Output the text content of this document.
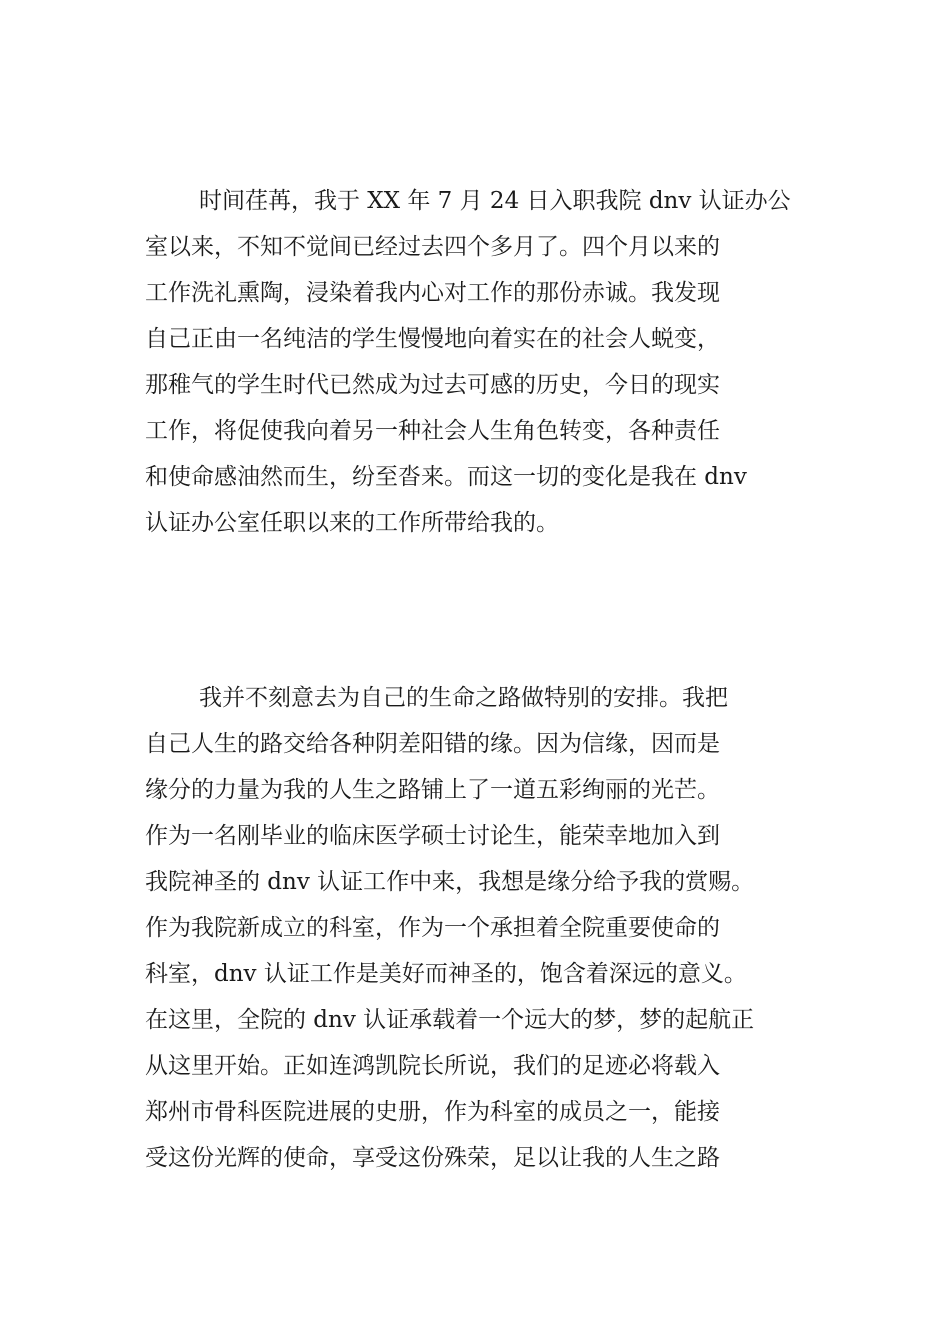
时间荏苒，我于 XX 年 7 月 24 日入职我院 dnv 认证办公
室以来，不知不觉间已经过去四个多月了。四个月以来的
工作洗礼熏陶，浸染着我内心对工作的那份赤诚。我发现
自己正由一名纯洁的学生慢慢地向着实在的社会人蜕变，
那稚气的学生时代已然成为过去可感的历史，今日的现实
工作，将促使我向着另一种社会人生角色转变，各种责任
和使命感油然而生，纷至沓来。而这一切的变化是我在 dnv
认证办公室任职以来的工作所带给我的。
我并不刻意去为自己的生命之路做特别的安排。我把
自己人生的路交给各种阴差阳错的缘。因为信缘，因而是
缘分的力量为我的人生之路铺上了一道五彩绚丽的光芒。
作为一名刚毕业的临床医学硕士讨论生，能荣幸地加入到
我院神圣的 dnv 认证工作中来，我想是缘分给予我的赏赐。
作为我院新成立的科室，作为一个承担着全院重要使命的
科室，dnv 认证工作是美好而神圣的，饱含着深远的意义。
在这里，全院的 dnv 认证承载着一个远大的梦，梦的起航正
从这里开始。正如连鸿凯院长所说，我们的足迹必将载入
郑州市骨科医院进展的史册，作为科室的成员之一，能接
受这份光辉的使命，享受这份殊荣，足以让我的人生之路
